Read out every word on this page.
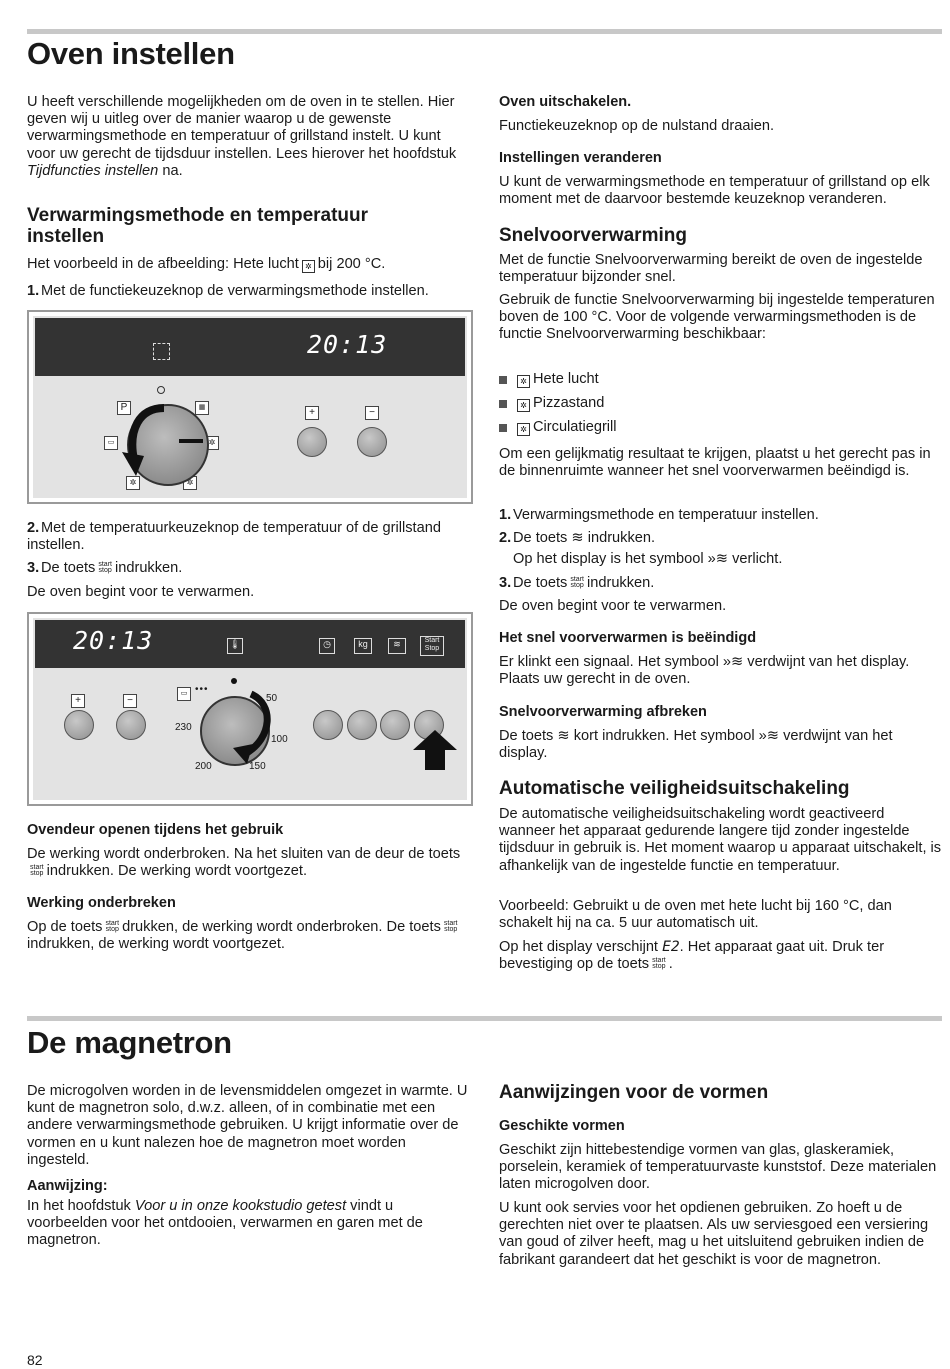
Oven instellen

U heeft verschillende mogelijkheden om de oven in te stellen. Hier geven wij u uitleg over de manier waarop u de gewenste verwarmingsmethode en temperatuur of grillstand instelt. U kunt voor uw gerecht de tijdsduur instellen. Lees hierover het hoofdstuk Tijdfuncties instellen na.

Verwarmingsmethode en temperatuur instellen

Het voorbeeld in de afbeelding: Hete lucht ✲ bij 200 °C.

1. Met de functiekeuzeknop de verwarmingsmethode instellen.

20:13
P	▦
▭	✲
✲	✲
+	−

2. Met de temperatuurkeuzeknop de temperatuur of de grillstand instellen.

3. De toets start
stop indrukken.

De oven begint voor te verwarmen.

20:13	🌡	◷	kg	≋	Start
Stop
+	−
▭ •••
50
100
150
200
230
Ovendeur openen tijdens het gebruik

De werking wordt onderbroken. Na het sluiten van de deur de toetsstart
stop indrukken. De werking wordt voortgezet.

Werking onderbreken

Op de toets start
stop drukken, de werking wordt onderbroken. De toets start
stopindrukken, de werking wordt voortgezet.

Oven uitschakelen.

Functiekeuzeknop op de nulstand draaien.

Instellingen veranderen

U kunt de verwarmingsmethode en temperatuur of grillstand op elk moment met de daarvoor bestemde keuzeknop veranderen.

Snelvoorverwarming

Met de functie Snelvoorverwarming bereikt de oven de ingestelde temperatuur bijzonder snel.

Gebruik de functie Snelvoorverwarming bij ingestelde temperaturen boven de 100 °C. Voor de volgende verwarmingsmethoden is de functie Snelvoorverwarming beschikbaar:

✲ Hete lucht

✲ Pizzastand

✲ Circulatiegrill

Om een gelijkmatig resultaat te krijgen, plaatst u het gerecht pas in de binnenruimte wanneer het snel voorverwarmen beëindigd is.

1. Verwarmingsmethode en temperatuur instellen.

2. De toets ≋ indrukken.

Op het display is het symbool »≋ verlicht.

3. De toets start
stop indrukken.

De oven begint voor te verwarmen.

Het snel voorverwarmen is beëindigd

Er klinkt een signaal. Het symbool »≋ verdwijnt van het display. Plaats uw gerecht in de oven.

Snelvoorverwarming afbreken

De toets ≋ kort indrukken. Het symbool »≋ verdwijnt van het display.

Automatische veiligheidsuitschakeling

De automatische veiligheidsuitschakeling wordt geactiveerd wanneer het apparaat gedurende langere tijd zonder ingestelde tijdsduur in gebruik is. Het moment waarop u apparaat uitschakelt, is afhankelijk van de ingestelde functie en temperatuur.

Voorbeeld: Gebruikt u de oven met hete lucht bij 160 °C, dan schakelt hij na ca. 5 uur automatisch uit.

Op het display verschijnt E2. Het apparaat gaat uit. Druk ter bevestiging op de toets start
stop .

De magnetron

De microgolven worden in de levensmiddelen omgezet in warmte. U kunt de magnetron solo, d.w.z. alleen, of in combinatie met een andere verwarmingsmethode gebruiken. U krijgt informatie over de vormen en u kunt nalezen hoe de magnetron moet worden ingesteld.

Aanwijzing:

In het hoofdstuk Voor u in onze kookstudio getest vindt u voorbeelden voor het ontdooien, verwarmen en garen met de magnetron.

Aanwijzingen voor de vormen
Geschikte vormen

Geschikt zijn hittebestendige vormen van glas, glaskeramiek, porselein, keramiek of temperatuurvaste kunststof. Deze materialen laten microgolven door.

U kunt ook servies voor het opdienen gebruiken. Zo hoeft u de gerechten niet over te plaatsen. Als uw serviesgoed een versiering van goud of zilver heeft, mag u het uitsluitend gebruiken indien de fabrikant garandeert dat het geschikt is voor de magnetron.

82
